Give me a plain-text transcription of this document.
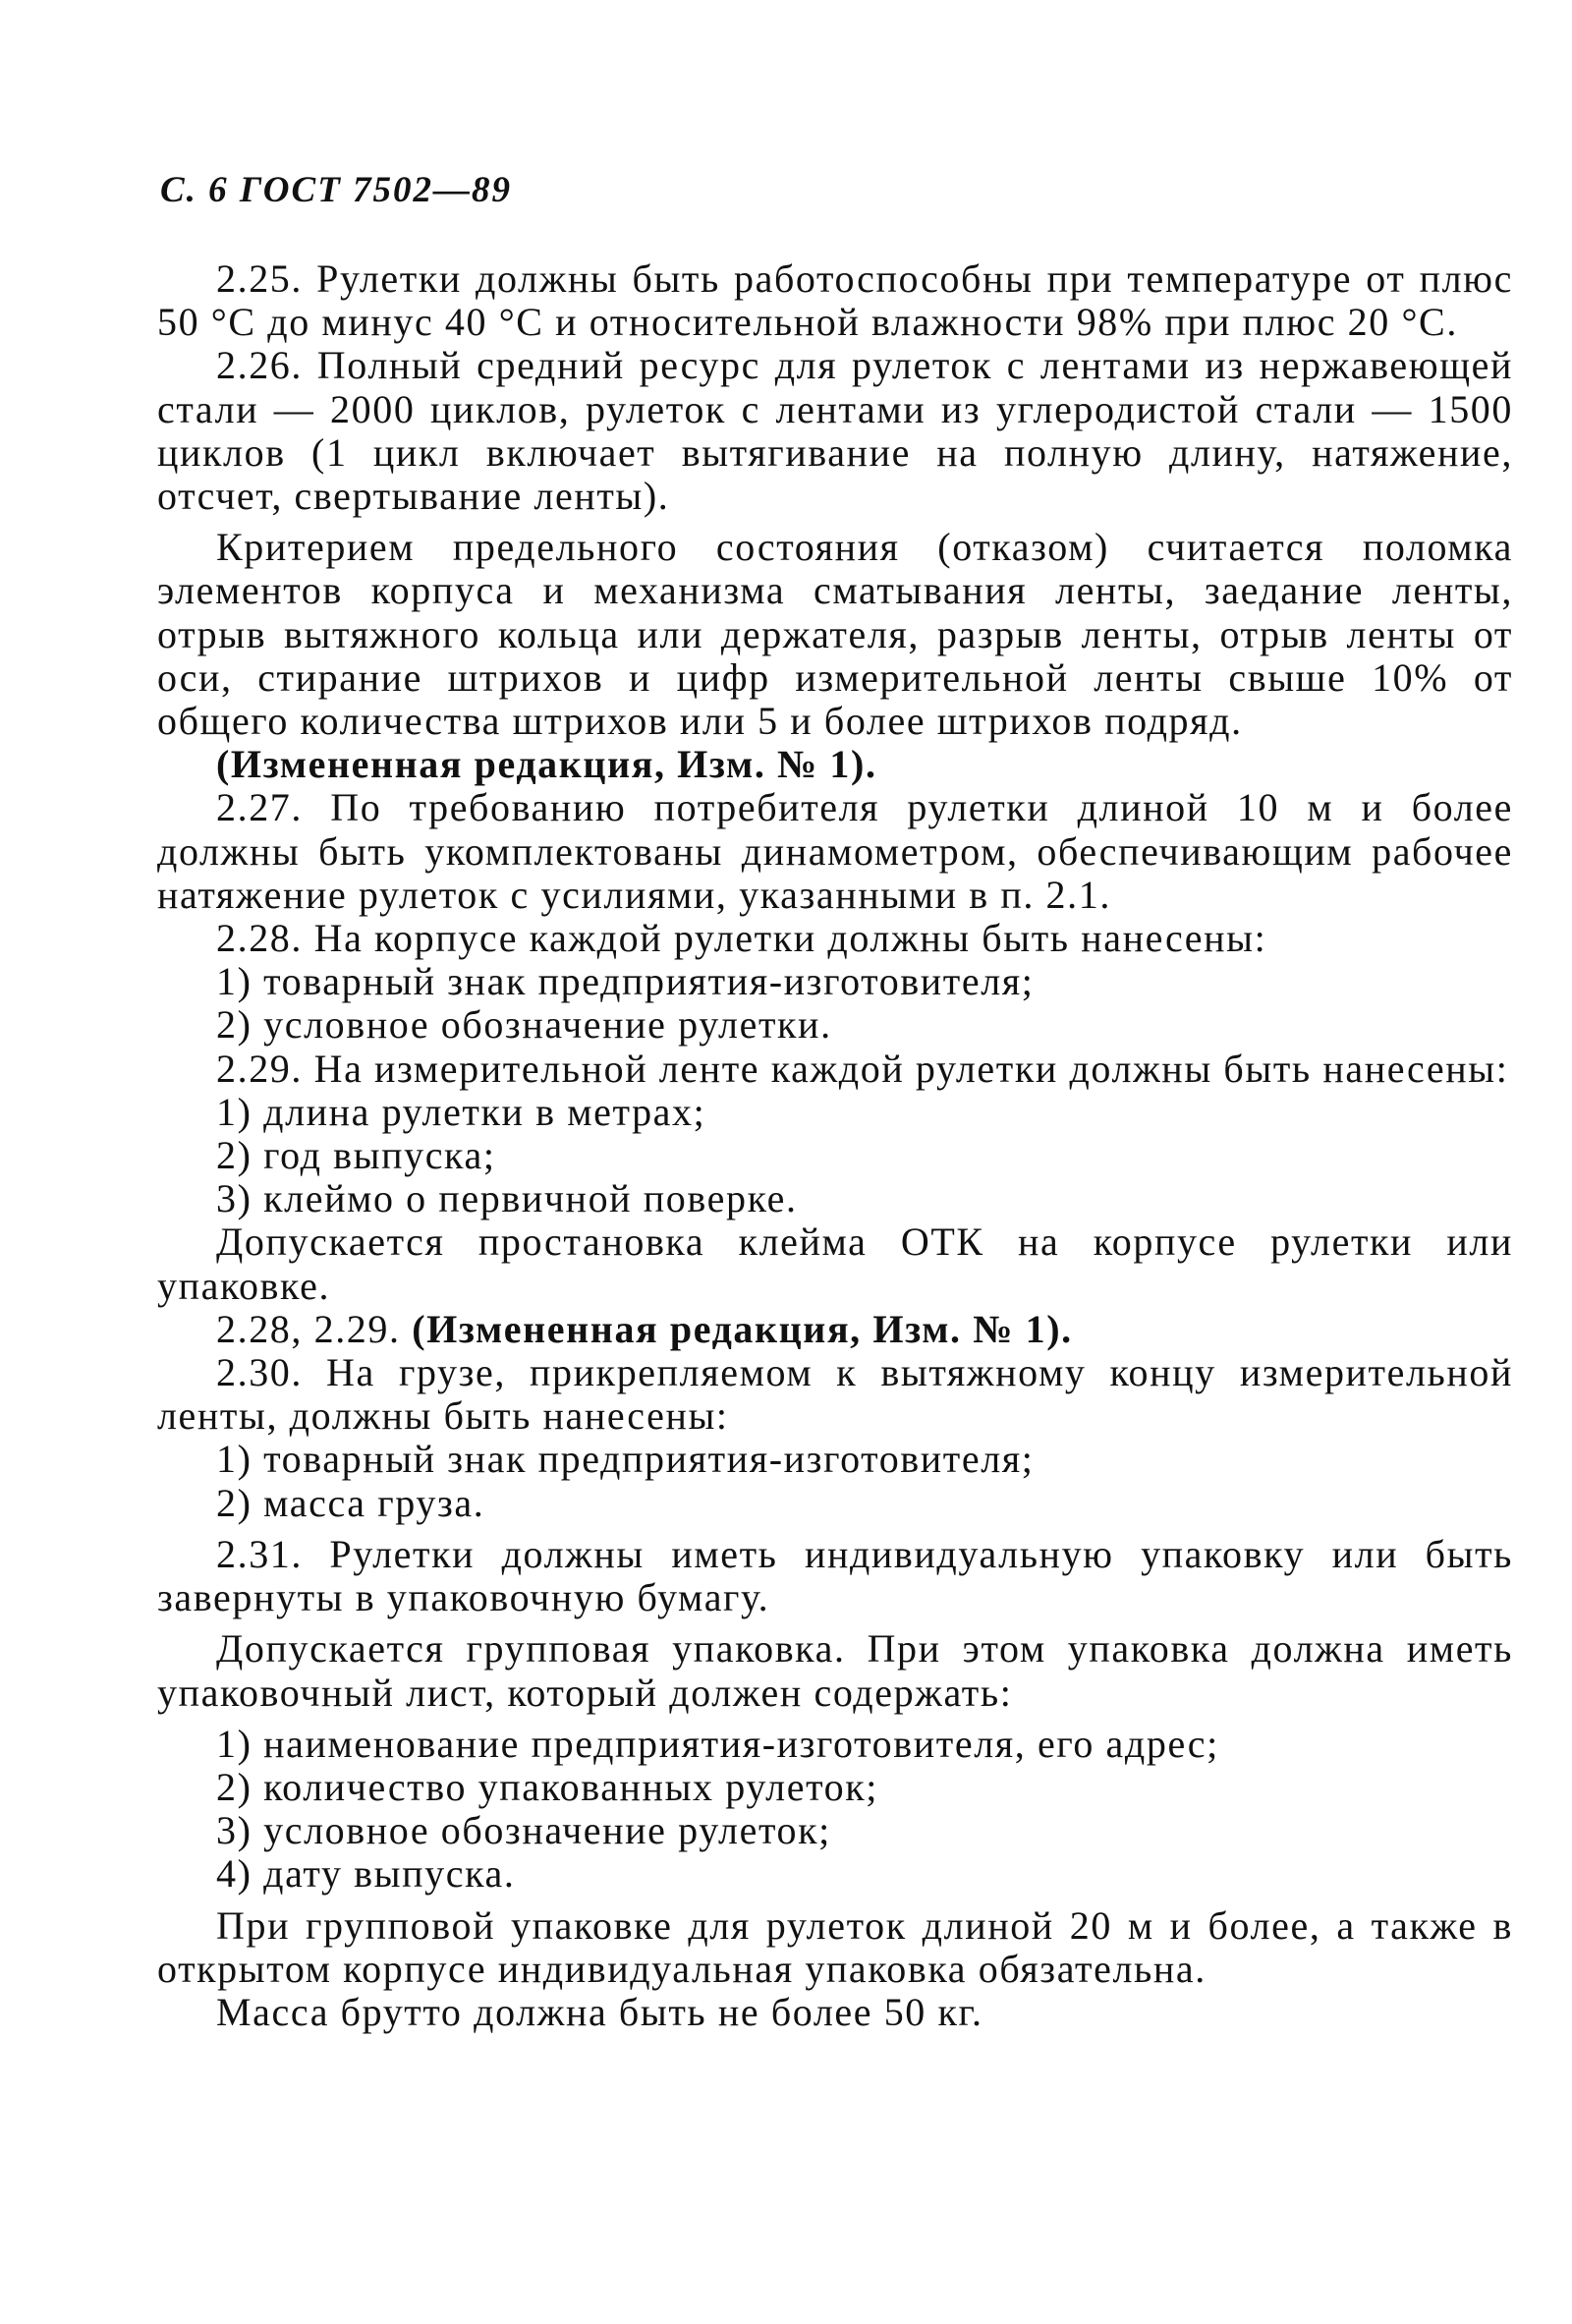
С. 6 ГОСТ 7502—89

2.25. Рулетки должны быть работоспособны при температуре от плюс 50 °С до минус 40 °С и относительной влажности 98% при плюс 20 °С.

2.26. Полный средний ресурс для рулеток с лентами из нержавеющей стали — 2000 циклов, рулеток с лентами из углеродистой стали — 1500 циклов (1 цикл включает вытягивание на полную длину, натяжение, отсчет, свертывание ленты).

Критерием предельного состояния (отказом) считается поломка элементов корпуса и механизма сматывания ленты, заедание ленты, отрыв вытяжного кольца или держателя, разрыв ленты, отрыв ленты от оси, стирание штрихов и цифр измерительной ленты свыше 10% от общего количества штрихов или 5 и более штрихов подряд.

(Измененная редакция, Изм. № 1).

2.27. По требованию потребителя рулетки длиной 10 м и более должны быть укомплектованы динамометром, обеспечивающим рабочее натяжение рулеток с усилиями, указанными в п. 2.1.

2.28. На корпусе каждой рулетки должны быть нанесены:

1) товарный знак предприятия-изготовителя;

2) условное обозначение рулетки.

2.29. На измерительной ленте каждой рулетки должны быть нанесены:

1) длина рулетки в метрах;

2) год выпуска;

3) клеймо о первичной поверке.

Допускается простановка клейма ОТК на корпусе рулетки или упаковке.

2.28, 2.29. (Измененная редакция, Изм. № 1).

2.30. На грузе, прикрепляемом к вытяжному концу измерительной ленты, должны быть нанесены:

1) товарный знак предприятия-изготовителя;

2) масса груза.

2.31. Рулетки должны иметь индивидуальную упаковку или быть завернуты в упаковочную бумагу.

Допускается групповая упаковка. При этом упаковка должна иметь упаковочный лист, который должен содержать:

1) наименование предприятия-изготовителя, его адрес;

2) количество упакованных рулеток;

3) условное обозначение рулеток;

4) дату выпуска.

При групповой упаковке для рулеток длиной 20 м и более, а также в открытом корпусе индивидуальная упаковка обязательна.

Масса брутто должна быть не более 50 кг.
